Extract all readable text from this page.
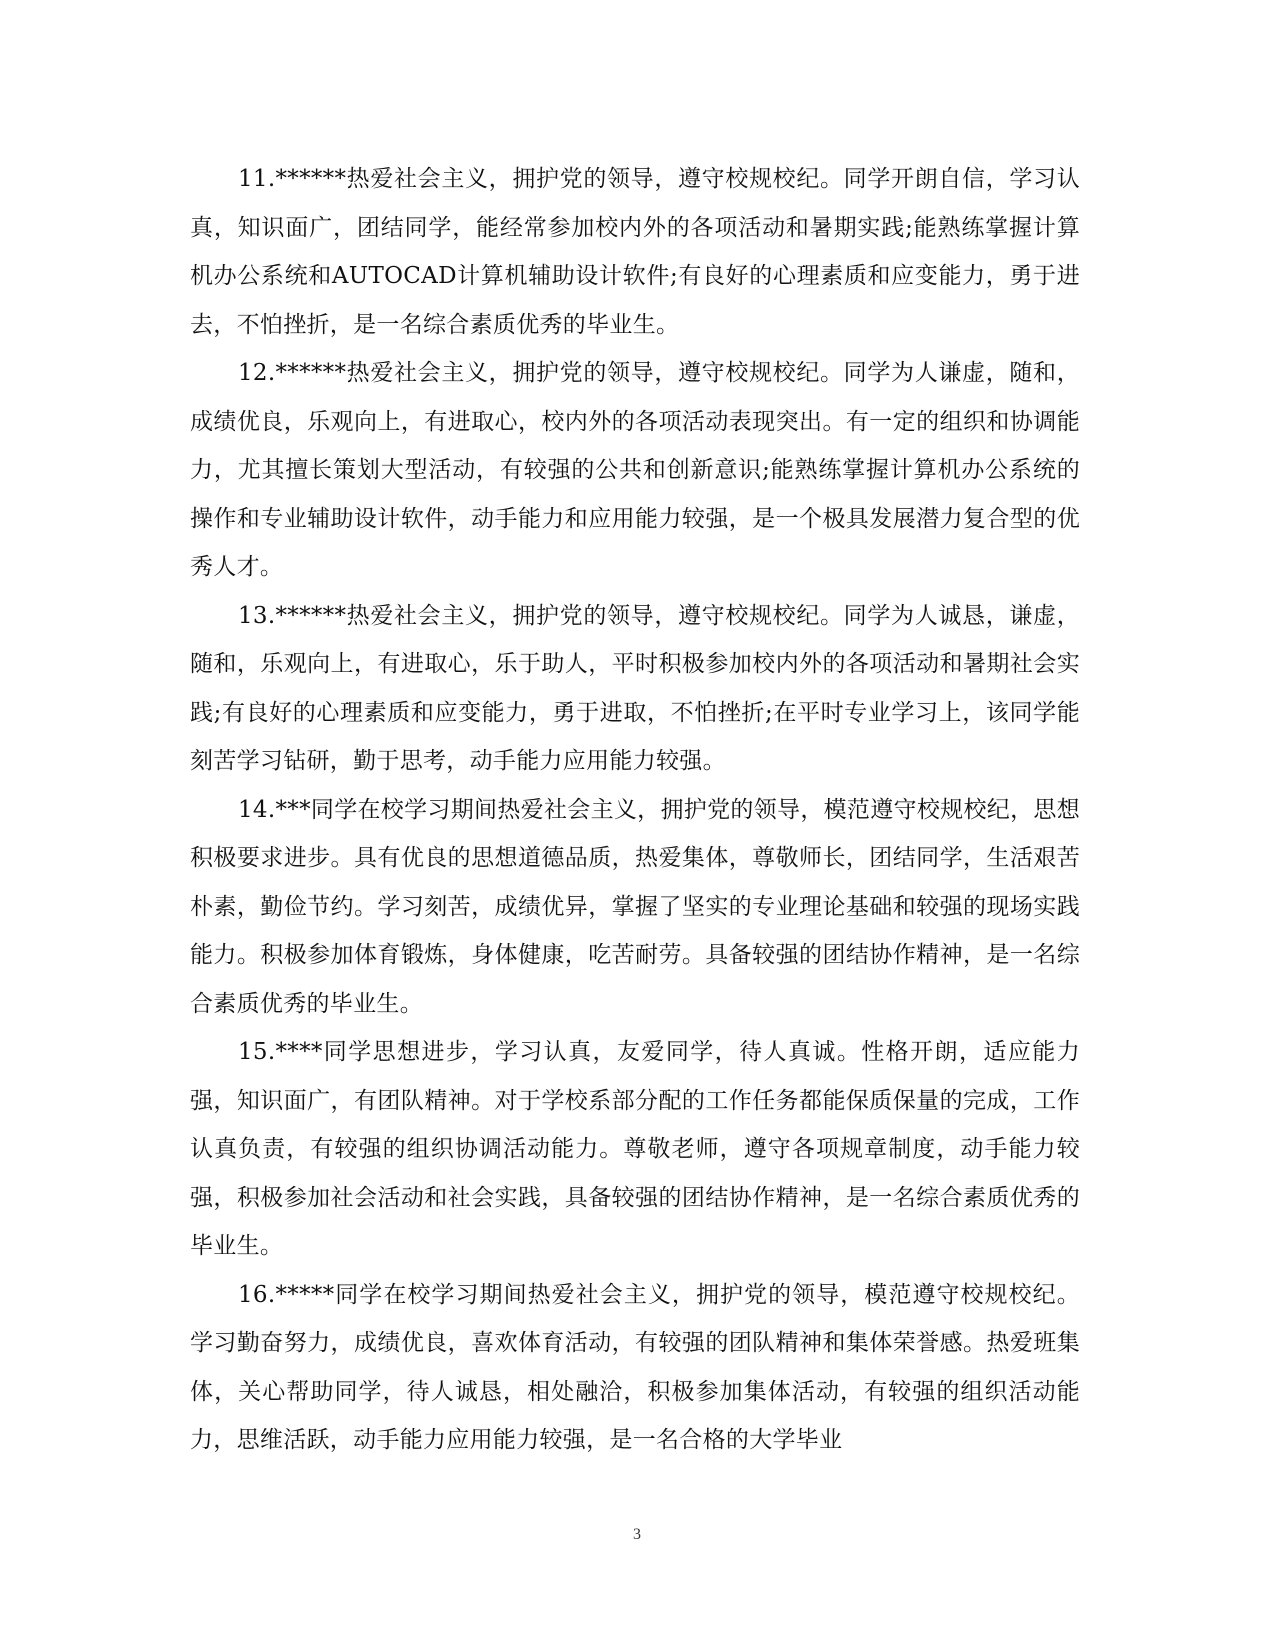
11.******热爱社会主义，拥护党的领导，遵守校规校纪。同学开朗自信，学习认真，知识面广，团结同学，能经常参加校内外的各项活动和暑期实践;能熟练掌握计算机办公系统和AUTOCAD计算机辅助设计软件;有良好的心理素质和应变能力，勇于进去，不怕挫折，是一名综合素质优秀的毕业生。

12.******热爱社会主义，拥护党的领导，遵守校规校纪。同学为人谦虚，随和，成绩优良，乐观向上，有进取心，校内外的各项活动表现突出。有一定的组织和协调能力，尤其擅长策划大型活动，有较强的公共和创新意识;能熟练掌握计算机办公系统的操作和专业辅助设计软件，动手能力和应用能力较强，是一个极具发展潜力复合型的优秀人才。

13.******热爱社会主义，拥护党的领导，遵守校规校纪。同学为人诚恳，谦虚，随和，乐观向上，有进取心，乐于助人，平时积极参加校内外的各项活动和暑期社会实践;有良好的心理素质和应变能力，勇于进取，不怕挫折;在平时专业学习上，该同学能刻苦学习钻研，勤于思考，动手能力应用能力较强。

14.***同学在校学习期间热爱社会主义，拥护党的领导，模范遵守校规校纪，思想积极要求进步。具有优良的思想道德品质，热爱集体，尊敬师长，团结同学，生活艰苦朴素，勤俭节约。学习刻苦，成绩优异，掌握了坚实的专业理论基础和较强的现场实践能力。积极参加体育锻炼，身体健康，吃苦耐劳。具备较强的团结协作精神，是一名综合素质优秀的毕业生。

15.****同学思想进步，学习认真，友爱同学，待人真诚。性格开朗，适应能力强，知识面广，有团队精神。对于学校系部分配的工作任务都能保质保量的完成，工作认真负责，有较强的组织协调活动能力。尊敬老师，遵守各项规章制度，动手能力较强，积极参加社会活动和社会实践，具备较强的团结协作精神，是一名综合素质优秀的毕业生。

16.*****同学在校学习期间热爱社会主义，拥护党的领导，模范遵守校规校纪。学习勤奋努力，成绩优良，喜欢体育活动，有较强的团队精神和集体荣誉感。热爱班集体，关心帮助同学，待人诚恳，相处融洽，积极参加集体活动，有较强的组织活动能力，思维活跃，动手能力应用能力较强，是一名合格的大学毕业

3
